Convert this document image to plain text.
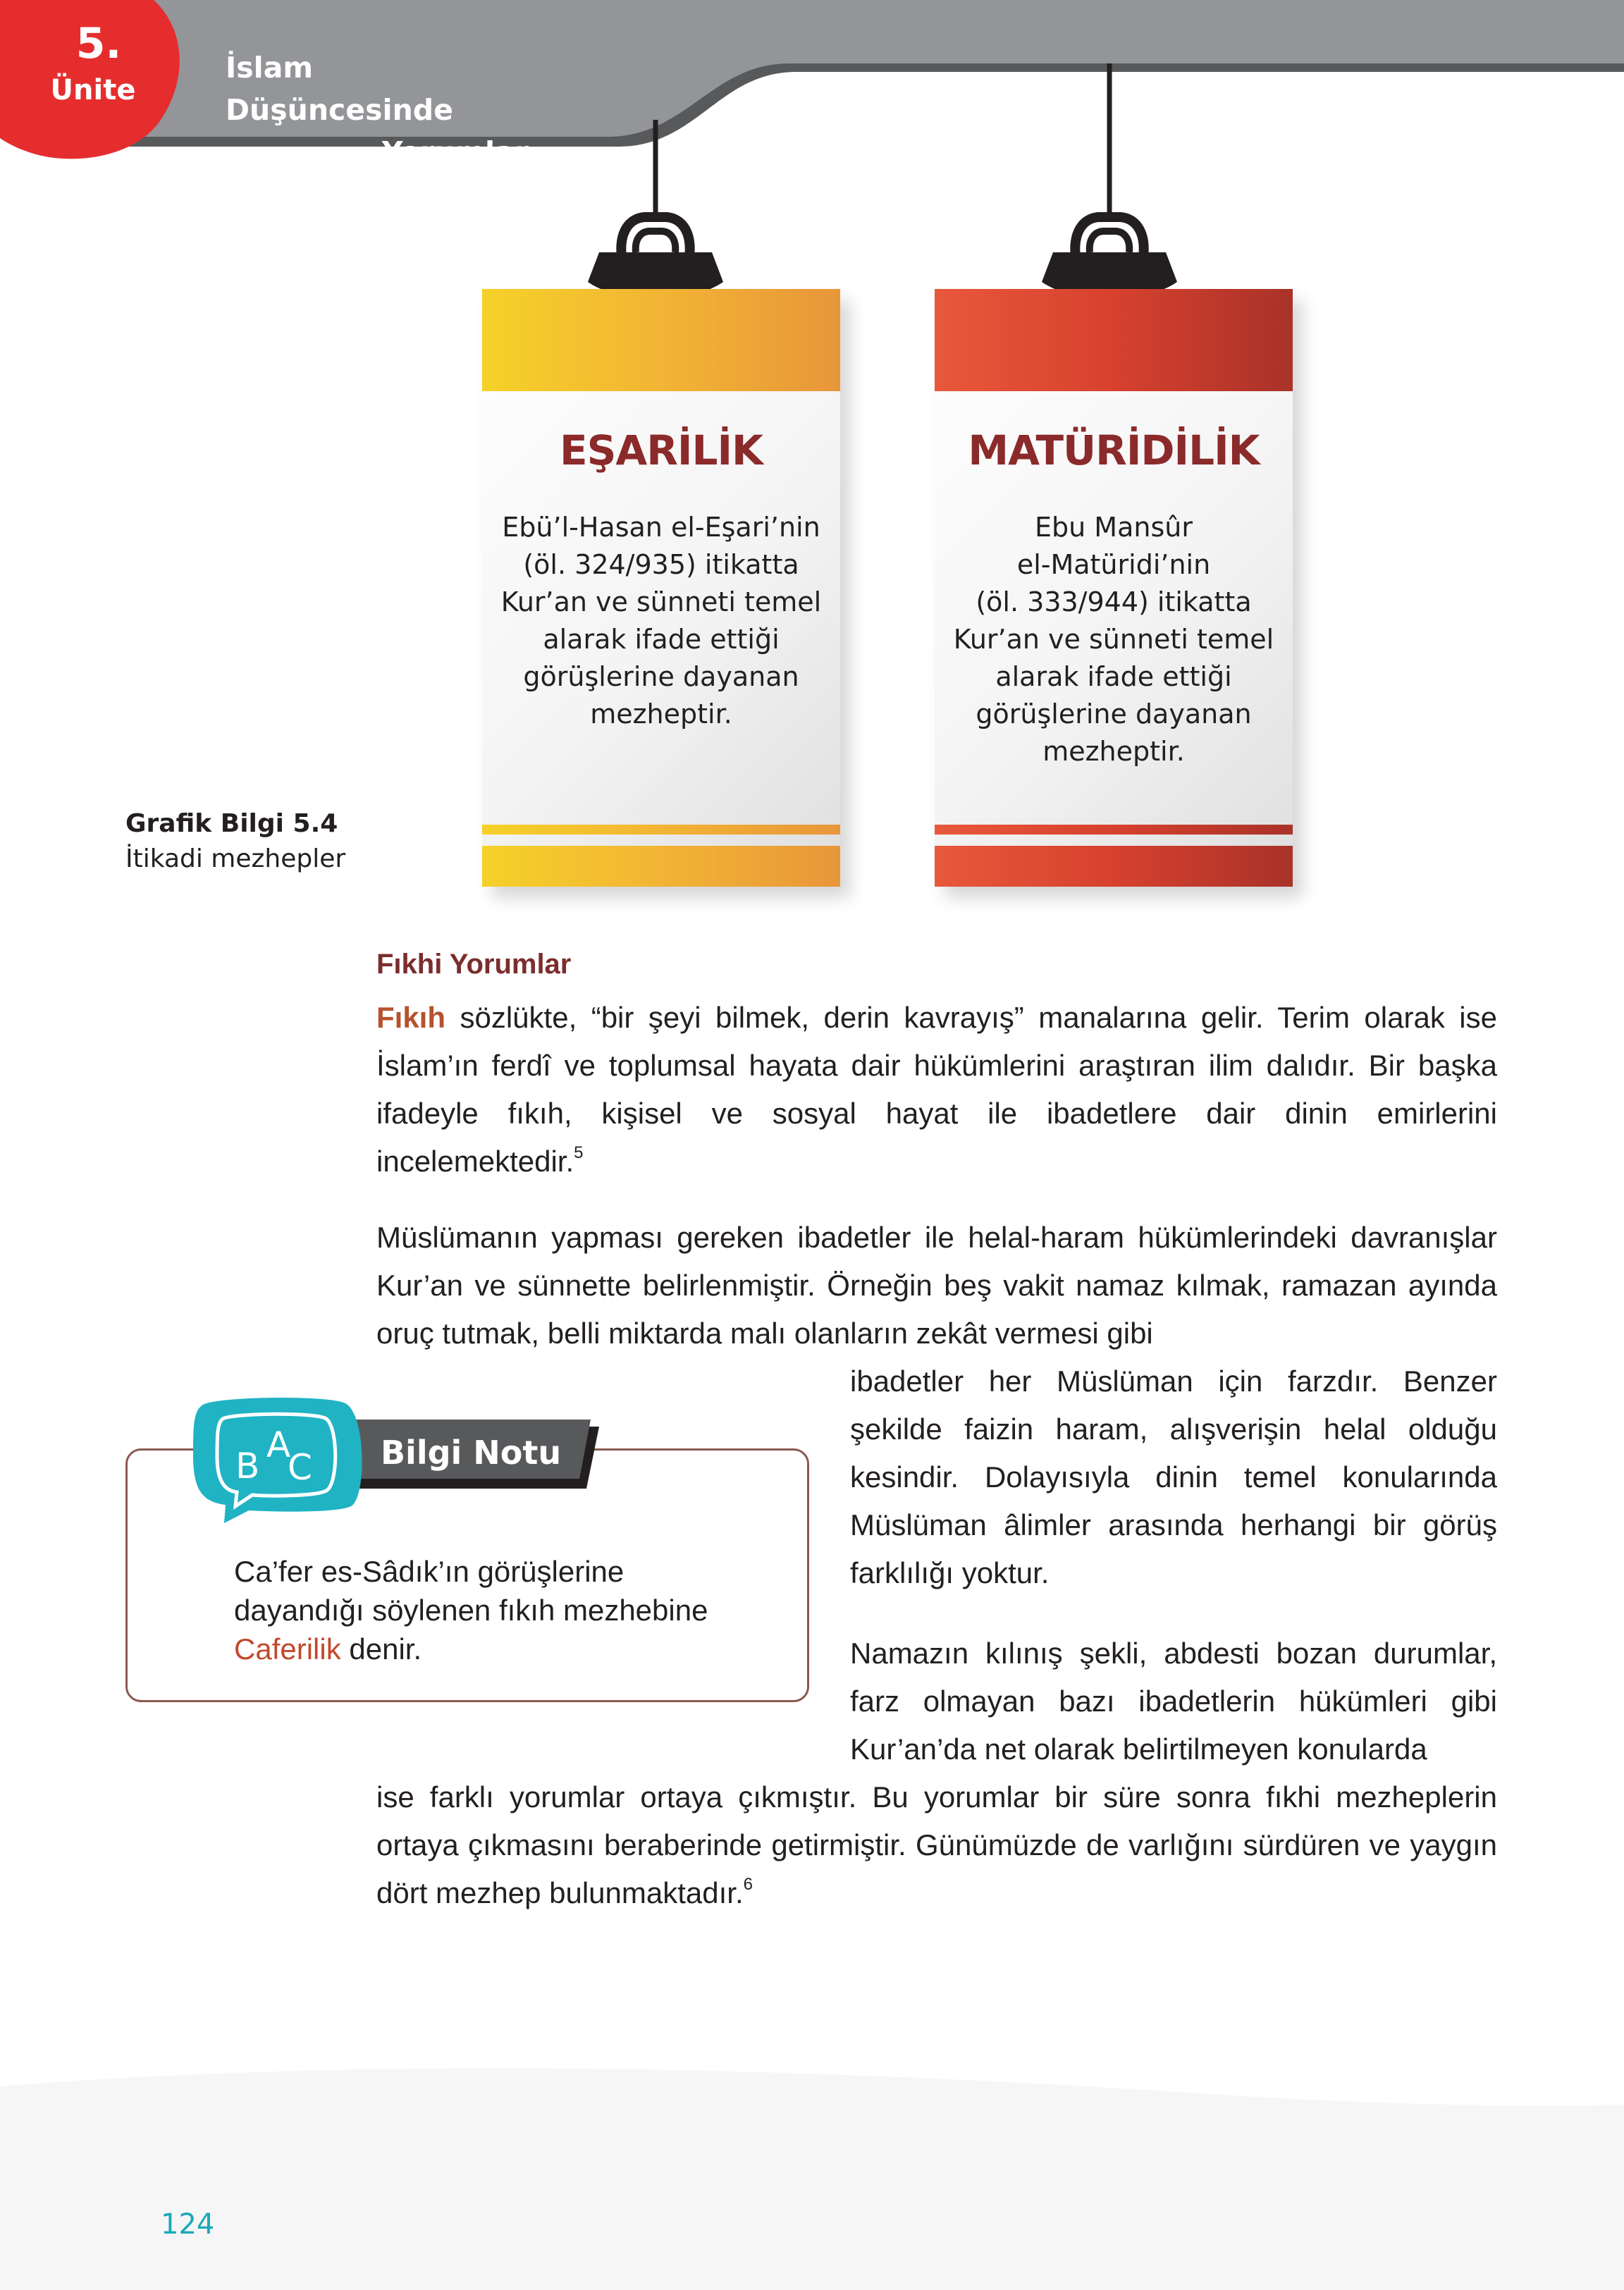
5.
Ünite
İslam Düşüncesinde
Yorumlar
EŞARİLİK
Ebü’l-Hasan el-Eşari’nin
(öl. 324/935) itikatta
Kur’an ve sünneti temel
alarak ifade ettiği
görüşlerine dayanan
mezheptir.
MATÜRİDİLİK
Ebu Mansûr
el-Matüridi’nin
(öl. 333/944) itikatta
Kur’an ve sünneti temel
alarak ifade ettiği
görüşlerine dayanan
mezheptir.
Grafik Bilgi 5.4
İtikadi mezhepler
Fıkhi Yorumlar
Fıkıh sözlükte, “bir şeyi bilmek, derin kavrayış” manalarına gelir. Terim olarak ise İslam’ın ferdî ve toplumsal hayata dair hükümlerini araştıran ilim dalıdır. Bir başka ifadeyle fıkıh, kişisel ve sosyal hayat ile ibadetlere dair dinin emirlerini incelemektedir.$^5$
Müslümanın yapması gereken ibadetler ile helal-haram hükümlerindeki davranışlar Kur’an ve sünnette belirlenmiştir. Örneğin beş vakit namaz kılmak, ramazan ayında oruç tutmak, belli miktarda malı olanların zekât vermesi gibi
ibadetler her Müslüman için farzdır. Benzer şekilde faizin haram, alışverişin helal olduğu kesindir. Dolayısıyla dinin temel konularında Müslüman âlimler arasında herhangi bir görüş farklılığı yoktur.
Namazın kılınış şekli, abdesti bozan durumlar, farz olmayan bazı ibadetlerin hükümleri gibi Kur’an’da net olarak belirtilmeyen konularda
ise farklı yorumlar ortaya çıkmıştır. Bu yorumlar bir süre sonra fıkhi mezheplerin ortaya çıkmasını beraberinde getirmiştir. Günümüzde de varlığını sürdüren ve yaygın dört mezhep bulunmaktadır.$^6$
A
B C Bilgi Notu
Ca’fer es-Sâdık’ın görüşlerine dayandığı söylenen fıkıh mezhebine Caferilik denir.
124
